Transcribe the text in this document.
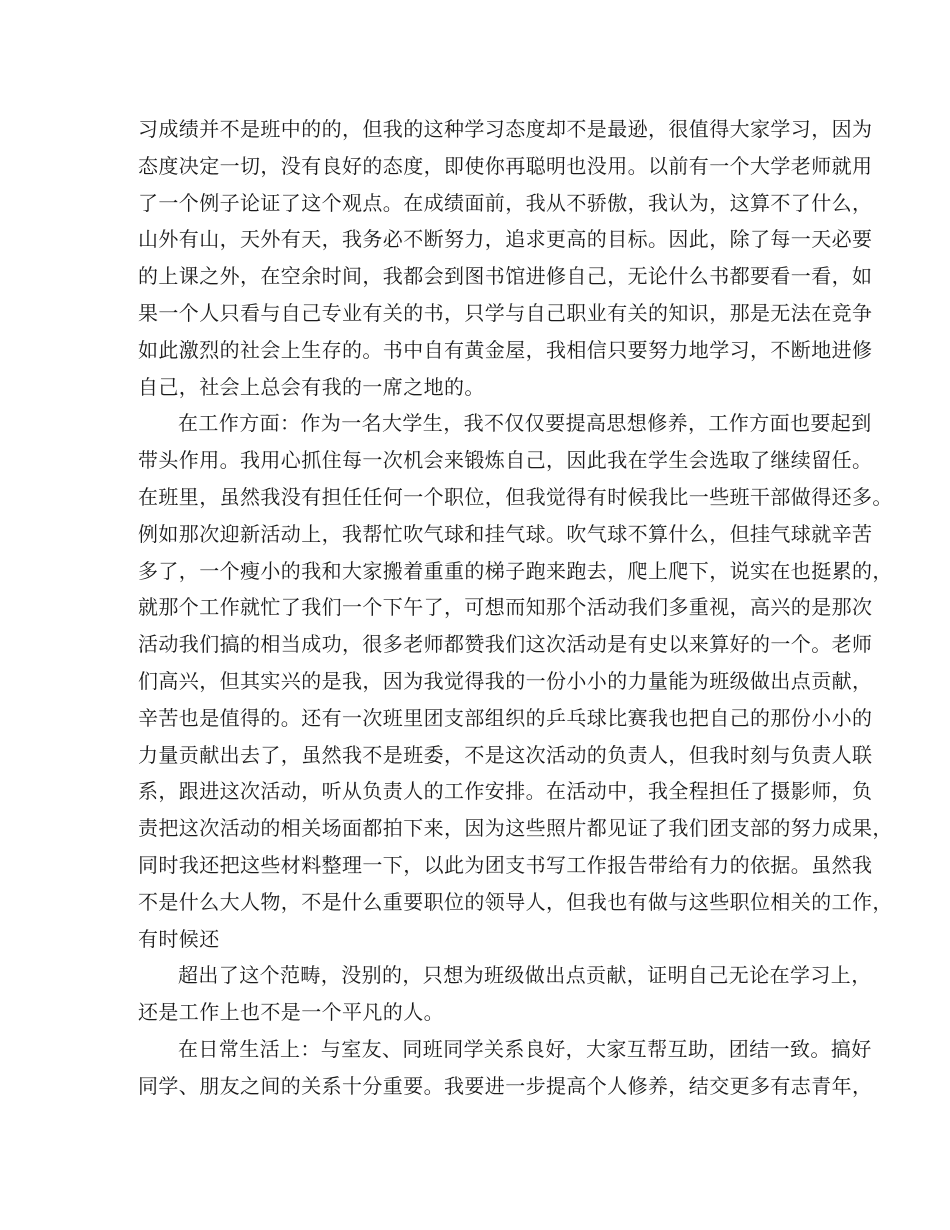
习成绩并不是班中的的，但我的这种学习态度却不是最逊，很值得大家学习，因为
态度决定一切，没有良好的态度，即使你再聪明也没用。以前有一个大学老师就用
了一个例子论证了这个观点。在成绩面前，我从不骄傲，我认为，这算不了什么，
山外有山，天外有天，我务必不断努力，追求更高的目标。因此，除了每一天必要
的上课之外，在空余时间，我都会到图书馆进修自己，无论什么书都要看一看，如
果一个人只看与自己专业有关的书，只学与自己职业有关的知识，那是无法在竞争
如此激烈的社会上生存的。书中自有黄金屋，我相信只要努力地学习，不断地进修
自己，社会上总会有我的一席之地的。
在工作方面：作为一名大学生，我不仅仅要提高思想修养，工作方面也要起到
带头作用。我用心抓住每一次机会来锻炼自己，因此我在学生会选取了继续留任。
在班里，虽然我没有担任任何一个职位，但我觉得有时候我比一些班干部做得还多。
例如那次迎新活动上，我帮忙吹气球和挂气球。吹气球不算什么，但挂气球就辛苦
多了，一个瘦小的我和大家搬着重重的梯子跑来跑去，爬上爬下，说实在也挺累的，
就那个工作就忙了我们一个下午了，可想而知那个活动我们多重视，高兴的是那次
活动我们搞的相当成功，很多老师都赞我们这次活动是有史以来算好的一个。老师
们高兴，但其实兴的是我，因为我觉得我的一份小小的力量能为班级做出点贡献，
辛苦也是值得的。还有一次班里团支部组织的乒乓球比赛我也把自己的那份小小的
力量贡献出去了，虽然我不是班委，不是这次活动的负责人，但我时刻与负责人联
系，跟进这次活动，听从负责人的工作安排。在活动中，我全程担任了摄影师，负
责把这次活动的相关场面都拍下来，因为这些照片都见证了我们团支部的努力成果，
同时我还把这些材料整理一下，以此为团支书写工作报告带给有力的依据。虽然我
不是什么大人物，不是什么重要职位的领导人，但我也有做与这些职位相关的工作，
有时候还
超出了这个范畴，没别的，只想为班级做出点贡献，证明自己无论在学习上，
还是工作上也不是一个平凡的人。
在日常生活上：与室友、同班同学关系良好，大家互帮互助，团结一致。搞好
同学、朋友之间的关系十分重要。我要进一步提高个人修养，结交更多有志青年，
